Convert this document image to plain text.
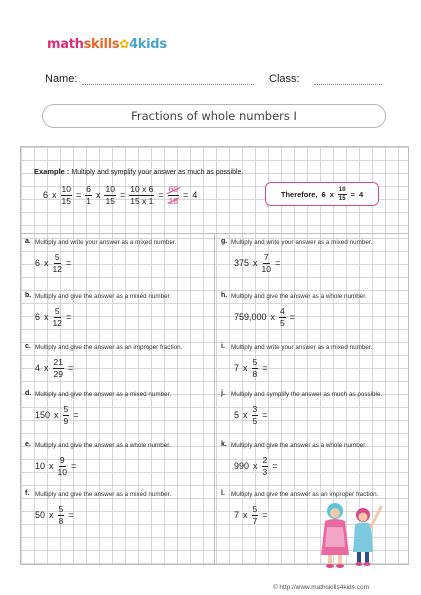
mathskills✿4kids
Name:	Class:
Fractions of whole numbers I
Example : Multiply and symplify your answer as much as possible.
6 x $\frac{10}{15} = \frac{6}{1}$ x $\frac{10}{15} = \frac{10 x 6}{15 x 1} = \frac{60}{18} = 4$
a. Multiply and write your answer as a mixed number.
6 x $\frac{5}{12}$ =
g. Multiply and write your answer as a mixed number.
375 x $\frac{7}{10}$ =
b. Multiply and give the answer as a mixed number.
6 x $\frac{5}{12}$ =
h. Multiply and give the answer as a whole number.
759,000 x $\frac{4}{5}$ =
c. Multiply and give the answer as an improper fraction.
4 x $\frac{21}{29}$ =
i. Multiply and write your answer as a mixed number.
7 x $\frac{5}{8}$ =
d. Multiply and give the answer as a mixed number.
150 x $\frac{5}{9}$ =
j. Multiply and symplify the answer as much as possible.
5 x $\frac{3}{5}$ =
e. Multiply and give the answer as a whole number.
10 x $\frac{9}{10}$ =
k. Multiply and give the answer as a whole number.
990 x $\frac{2}{3}$ =
f. Multiply and give the answer as a mixed number.
50 x $\frac{5}{8}$ =
l. Multiply and give the answer as an improper fraction.
7 x $\frac{5}{7}$ =
Therefore, 6 x $\frac{10}{15} = 4$
© http://www.mathskills4kids.com
